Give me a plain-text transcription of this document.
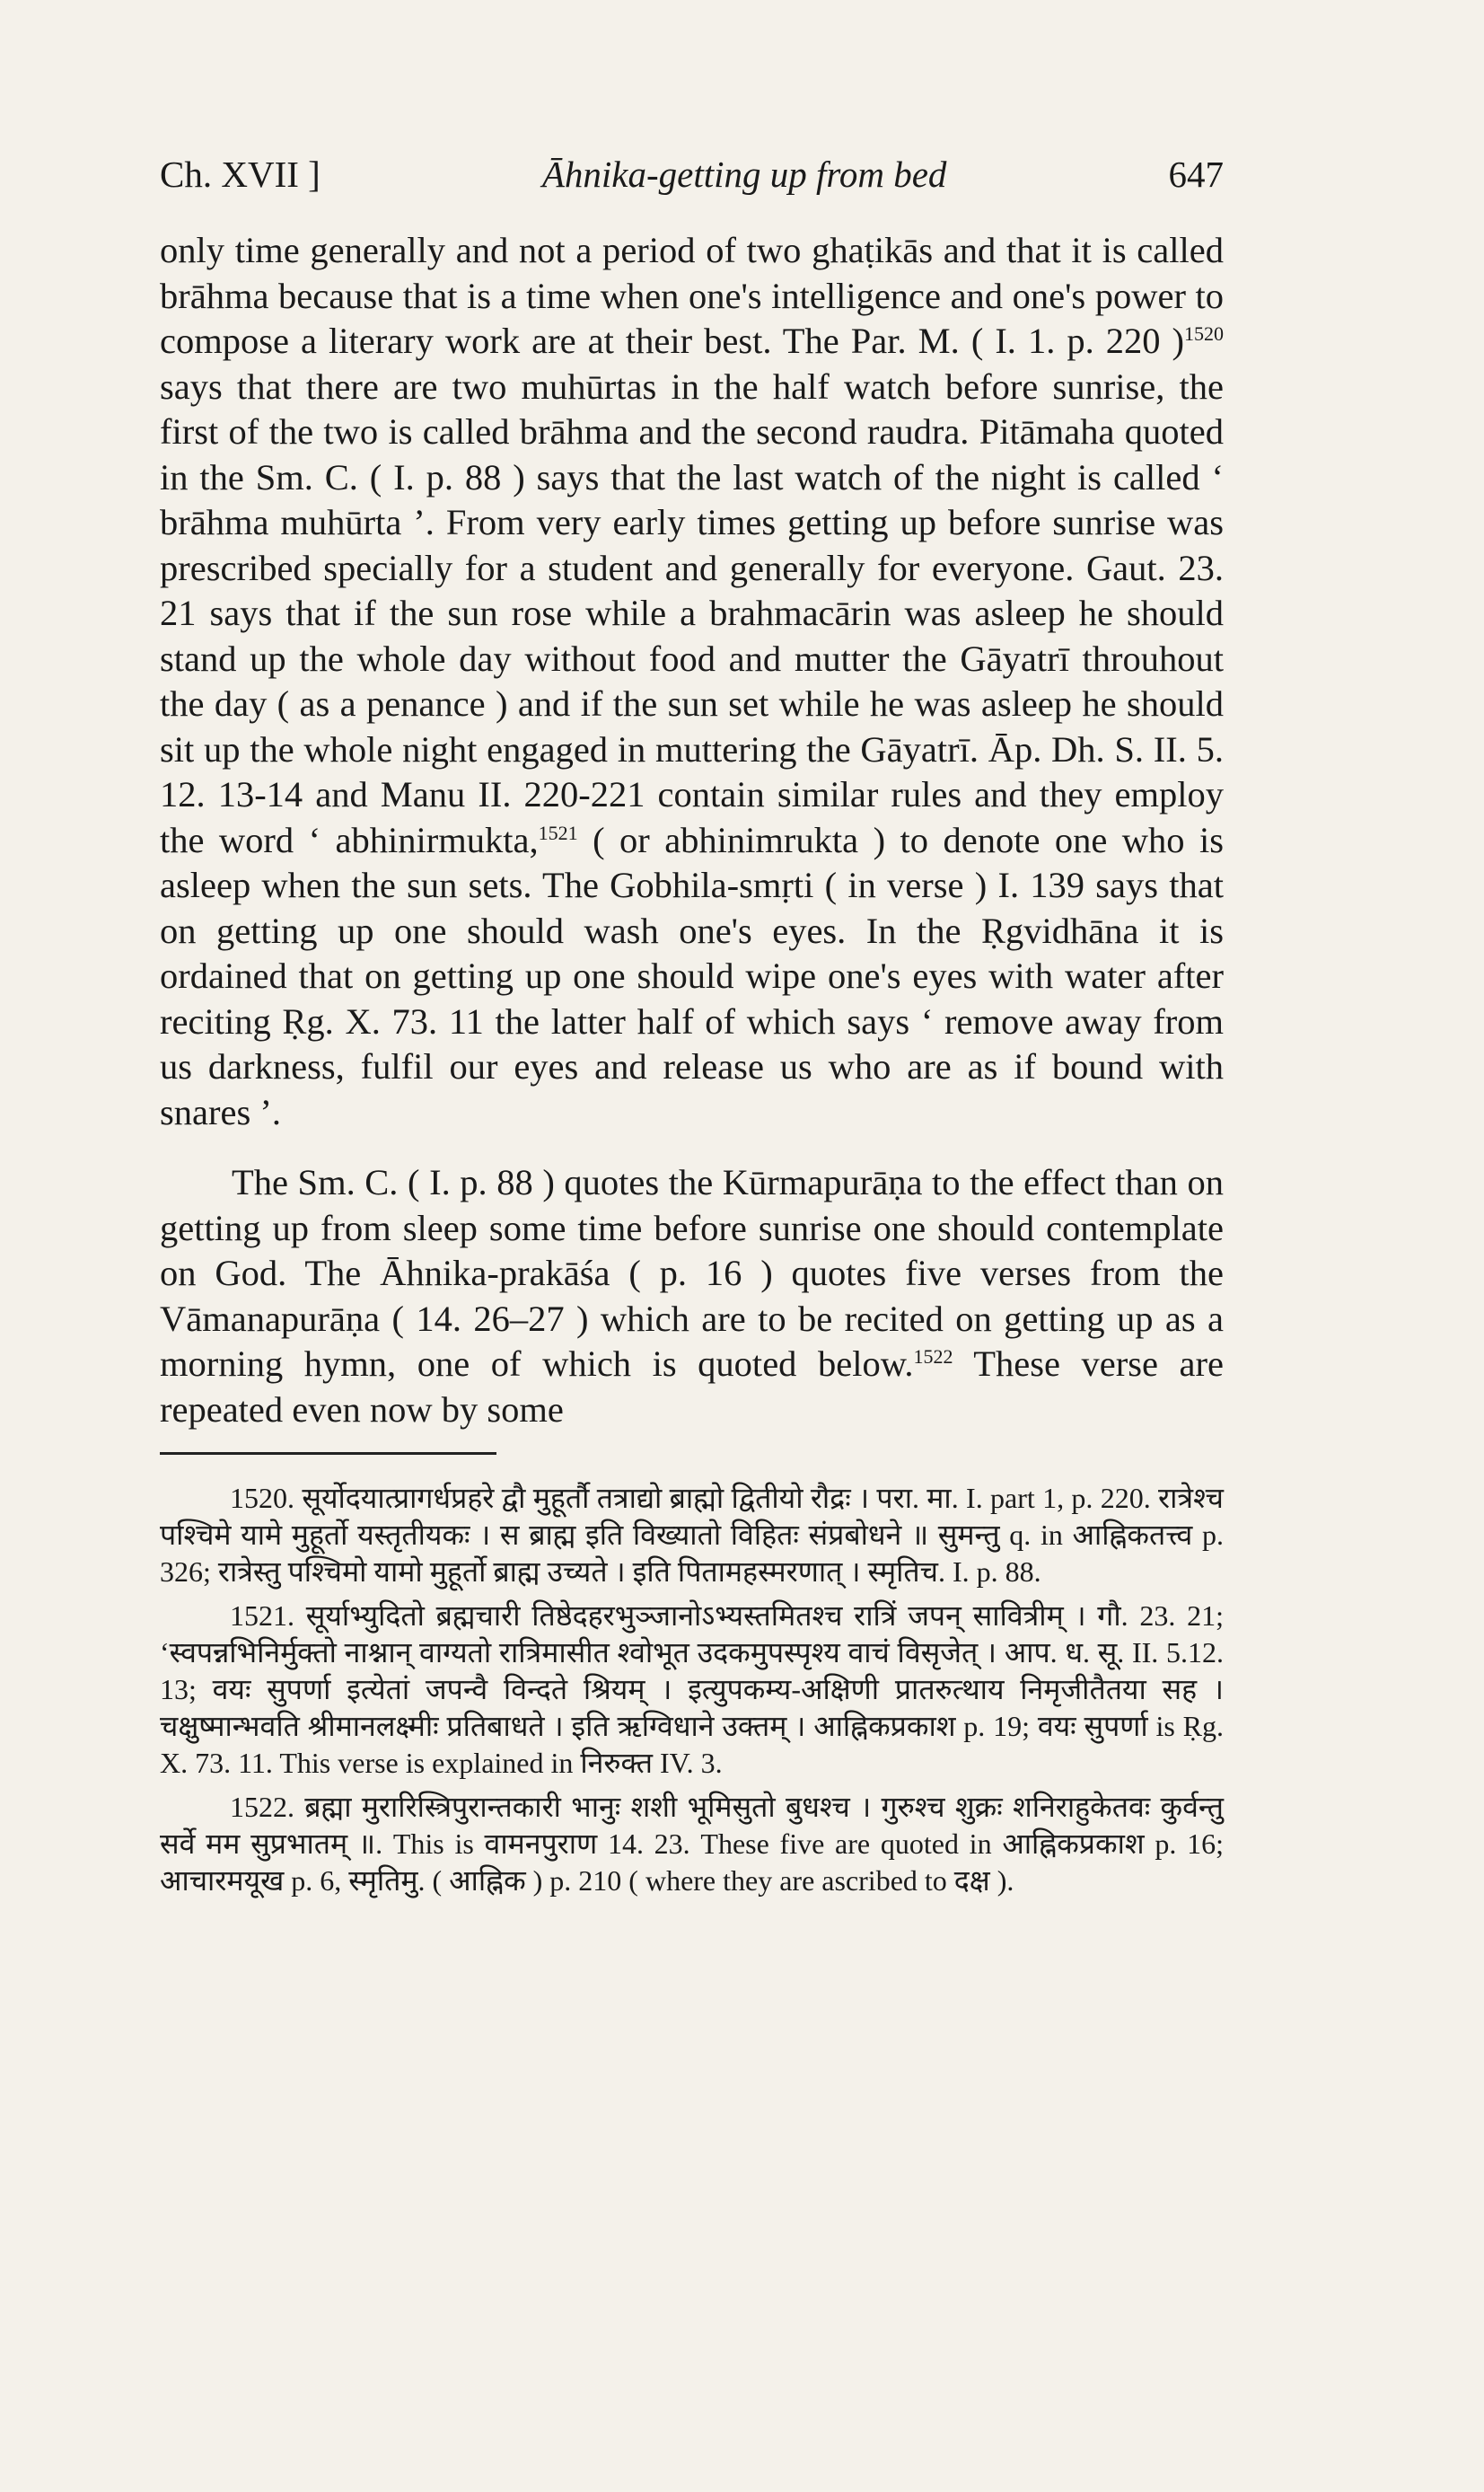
Ch. XVII ]	Āhnika-getting up from bed	647

only time generally and not a period of two ghaṭikās and that it is called brāhma because that is a time when one's intelligence and one's power to compose a literary work are at their best. The Par. M. ( I. 1. p. 220 )$^{1520}$ says that there are two muhūrtas in the half watch before sunrise, the first of the two is called brāhma and the second raudra. Pitāmaha quoted in the Sm. C. ( I. p. 88 ) says that the last watch of the night is called ‘ brāhma muhūrta ’. From very early times getting up before sunrise was prescribed specially for a student and generally for everyone. Gaut. 23. 21 says that if the sun rose while a brahmacārin was asleep he should stand up the whole day without food and mutter the Gāyatrī throuhout the day ( as a penance ) and if the sun set while he was asleep he should sit up the whole night engaged in muttering the Gāyatrī. Āp. Dh. S. II. 5. 12. 13-14 and Manu II. 220-221 contain similar rules and they employ the word ‘ abhinirmukta,$^{1521}$ ( or abhinimrukta ) to denote one who is asleep when the sun sets. The Gobhila-smṛti ( in verse ) I. 139 says that on getting up one should wash one's eyes. In the Ṛgvidhāna it is ordained that on getting up one should wipe one's eyes with water after reciting Ṛg. X. 73. 11 the latter half of which says ‘ remove away from us darkness, fulfil our eyes and release us who are as if bound with snares ’.

The Sm. C. ( I. p. 88 ) quotes the Kūrmapurāṇa to the effect than on getting up from sleep some time before sunrise one should contemplate on God. The Āhnika-prakāśa ( p. 16 ) quotes five verses from the Vāmanapurāṇa ( 14. 26–27 ) which are to be recited on getting up as a morning hymn, one of which is quoted below.$^{1522}$ These verse are repeated even now by some

1520. सूर्योदयात्प्रागर्धप्रहरे द्वौ मुहूर्तौ तत्राद्यो ब्राह्मो द्वितीयो रौद्रः । परा. मा. I. part 1, p. 220. रात्रेश्च पश्चिमे यामे मुहूर्तो यस्तृतीयकः । स ब्राह्म इति विख्यातो विहितः संप्रबोधने ॥ सुमन्तु q. in आह्निकतत्त्व p. 326; रात्रेस्तु पश्चिमो यामो मुहूर्तो ब्राह्म उच्यते । इति पितामहस्मरणात् । स्मृतिच. I. p. 88.

1521. सूर्याभ्युदितो ब्रह्मचारी तिष्ठेदहरभुञ्जानोऽभ्यस्तमितश्च रात्रिं जपन् सावित्रीम् । गौ. 23. 21; ‘स्वपन्नभिनिर्मुक्तो नाश्नान् वाग्यतो रात्रिमासीत श्वोभूत उदकमुपस्पृश्य वाचं विसृजेत् । आप. ध. सू. II. 5.12. 13; वयः सुपर्णा इत्येतां जपन्वै विन्दते श्रियम् । इत्युपकम्य-अक्षिणी प्रातरुत्थाय निमृजीतैतया सह । चक्षुष्मान्भवति श्रीमानलक्ष्मीः प्रतिबाधते । इति ऋग्विधाने उक्तम् । आह्निकप्रकाश p. 19; वयः सुपर्णा is Ṛg. X. 73. 11. This verse is explained in निरुक्त IV. 3.

1522. ब्रह्मा मुरारिस्त्रिपुरान्तकारी भानुः शशी भूमिसुतो बुधश्च । गुरुश्च शुक्रः शनिराहुकेतवः कुर्वन्तु सर्वे मम सुप्रभातम् ॥. This is वामनपुराण 14. 23. These five are quoted in आह्निकप्रकाश p. 16; आचारमयूख p. 6, स्मृतिमु. ( आह्निक ) p. 210 ( where they are ascribed to दक्ष ).
